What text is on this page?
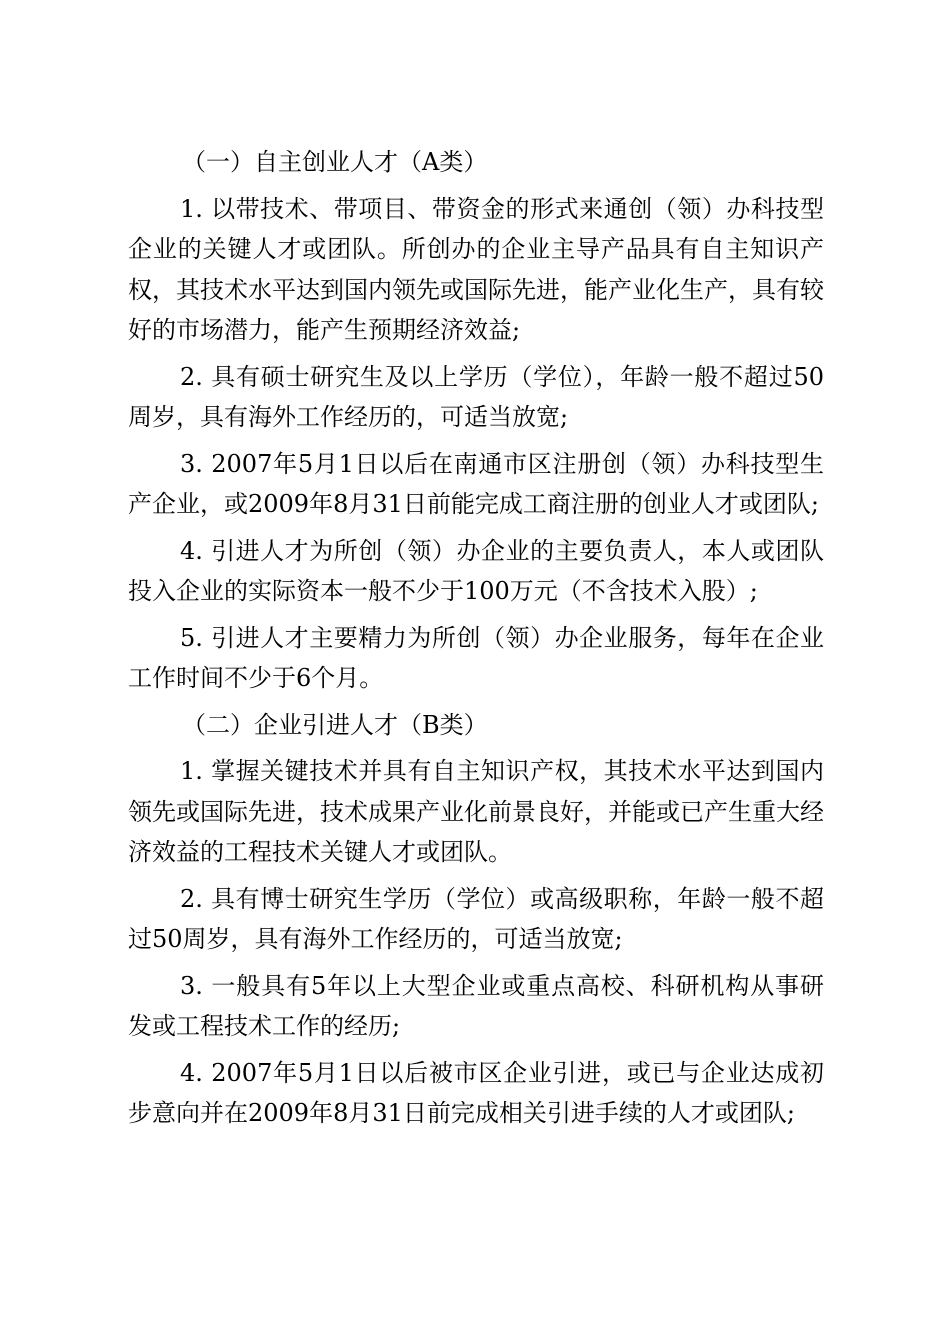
（一）自主创业人才（A类）

1. 以带技术、带项目、带资金的形式来通创（领）办科技型企业的关键人才或团队。所创办的企业主导产品具有自主知识产权，其技术水平达到国内领先或国际先进，能产业化生产，具有较好的市场潜力，能产生预期经济效益;

2. 具有硕士研究生及以上学历（学位），年龄一般不超过50周岁，具有海外工作经历的，可适当放宽;

3. 2007年5月1日以后在南通市区注册创（领）办科技型生产企业，或2009年8月31日前能完成工商注册的创业人才或团队;

4. 引进人才为所创（领）办企业的主要负责人，本人或团队投入企业的实际资本一般不少于100万元（不含技术入股）;

5. 引进人才主要精力为所创（领）办企业服务，每年在企业工作时间不少于6个月。

（二）企业引进人才（B类）

1. 掌握关键技术并具有自主知识产权，其技术水平达到国内领先或国际先进，技术成果产业化前景良好，并能或已产生重大经济效益的工程技术关键人才或团队。

2. 具有博士研究生学历（学位）或高级职称，年龄一般不超过50周岁，具有海外工作经历的，可适当放宽;

3. 一般具有5年以上大型企业或重点高校、科研机构从事研发或工程技术工作的经历;

4. 2007年5月1日以后被市区企业引进，或已与企业达成初步意向并在2009年8月31日前完成相关引进手续的人才或团队;
